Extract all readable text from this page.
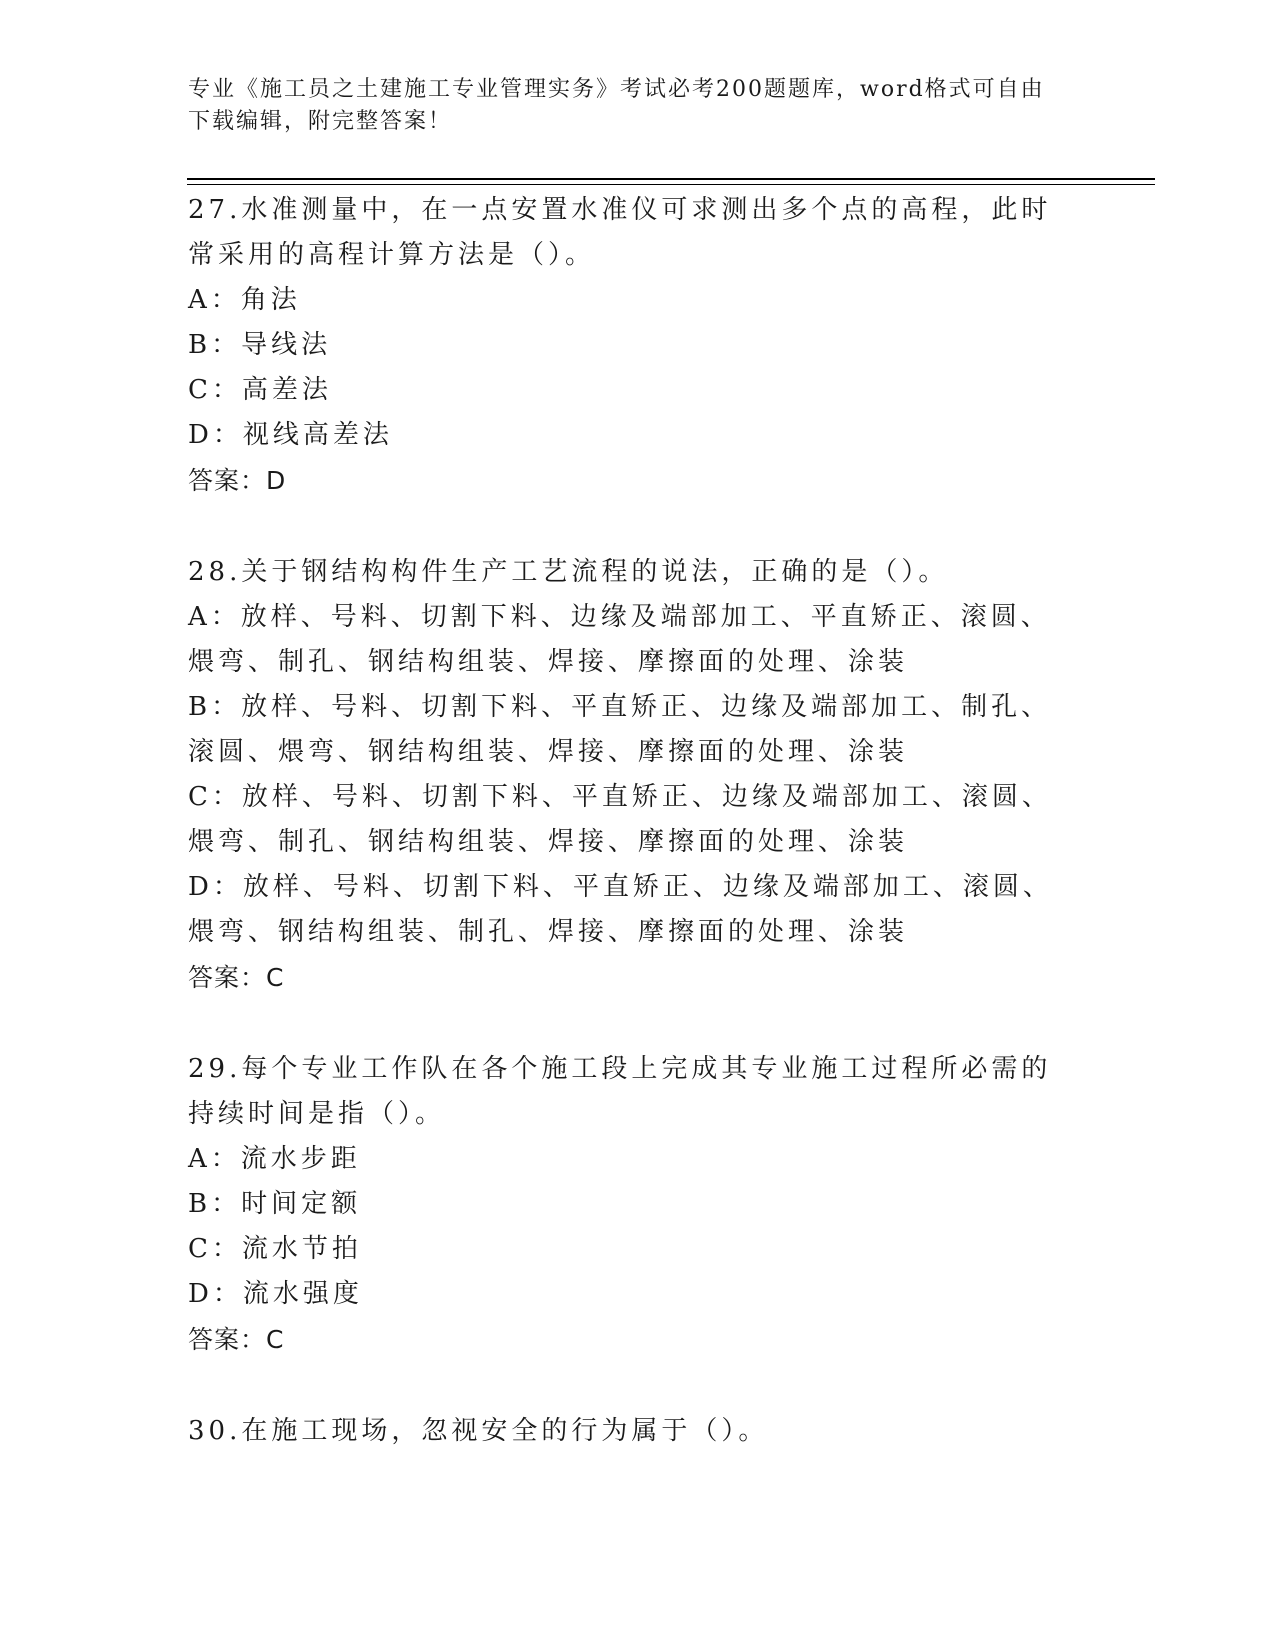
专业《施工员之土建施工专业管理实务》考试必考200题题库，word格式可自由
下载编辑，附完整答案！

27.水准测量中，在一点安置水准仪可求测出多个点的高程，此时常采用的高程计算方法是（）。

A：角法

B：导线法

C：高差法

D：视线高差法

答案：D

28.关于钢结构构件生产工艺流程的说法，正确的是（）。

A：放样、号料、切割下料、边缘及端部加工、平直矫正、滚圆、煨弯、制孔、钢结构组装、焊接、摩擦面的处理、涂装

B：放样、号料、切割下料、平直矫正、边缘及端部加工、制孔、滚圆、煨弯、钢结构组装、焊接、摩擦面的处理、涂装

C：放样、号料、切割下料、平直矫正、边缘及端部加工、滚圆、煨弯、制孔、钢结构组装、焊接、摩擦面的处理、涂装

D：放样、号料、切割下料、平直矫正、边缘及端部加工、滚圆、煨弯、钢结构组装、制孔、焊接、摩擦面的处理、涂装

答案：C

29.每个专业工作队在各个施工段上完成其专业施工过程所必需的持续时间是指（）。

A：流水步距

B：时间定额

C：流水节拍

D：流水强度

答案：C

30.在施工现场，忽视安全的行为属于（）。
